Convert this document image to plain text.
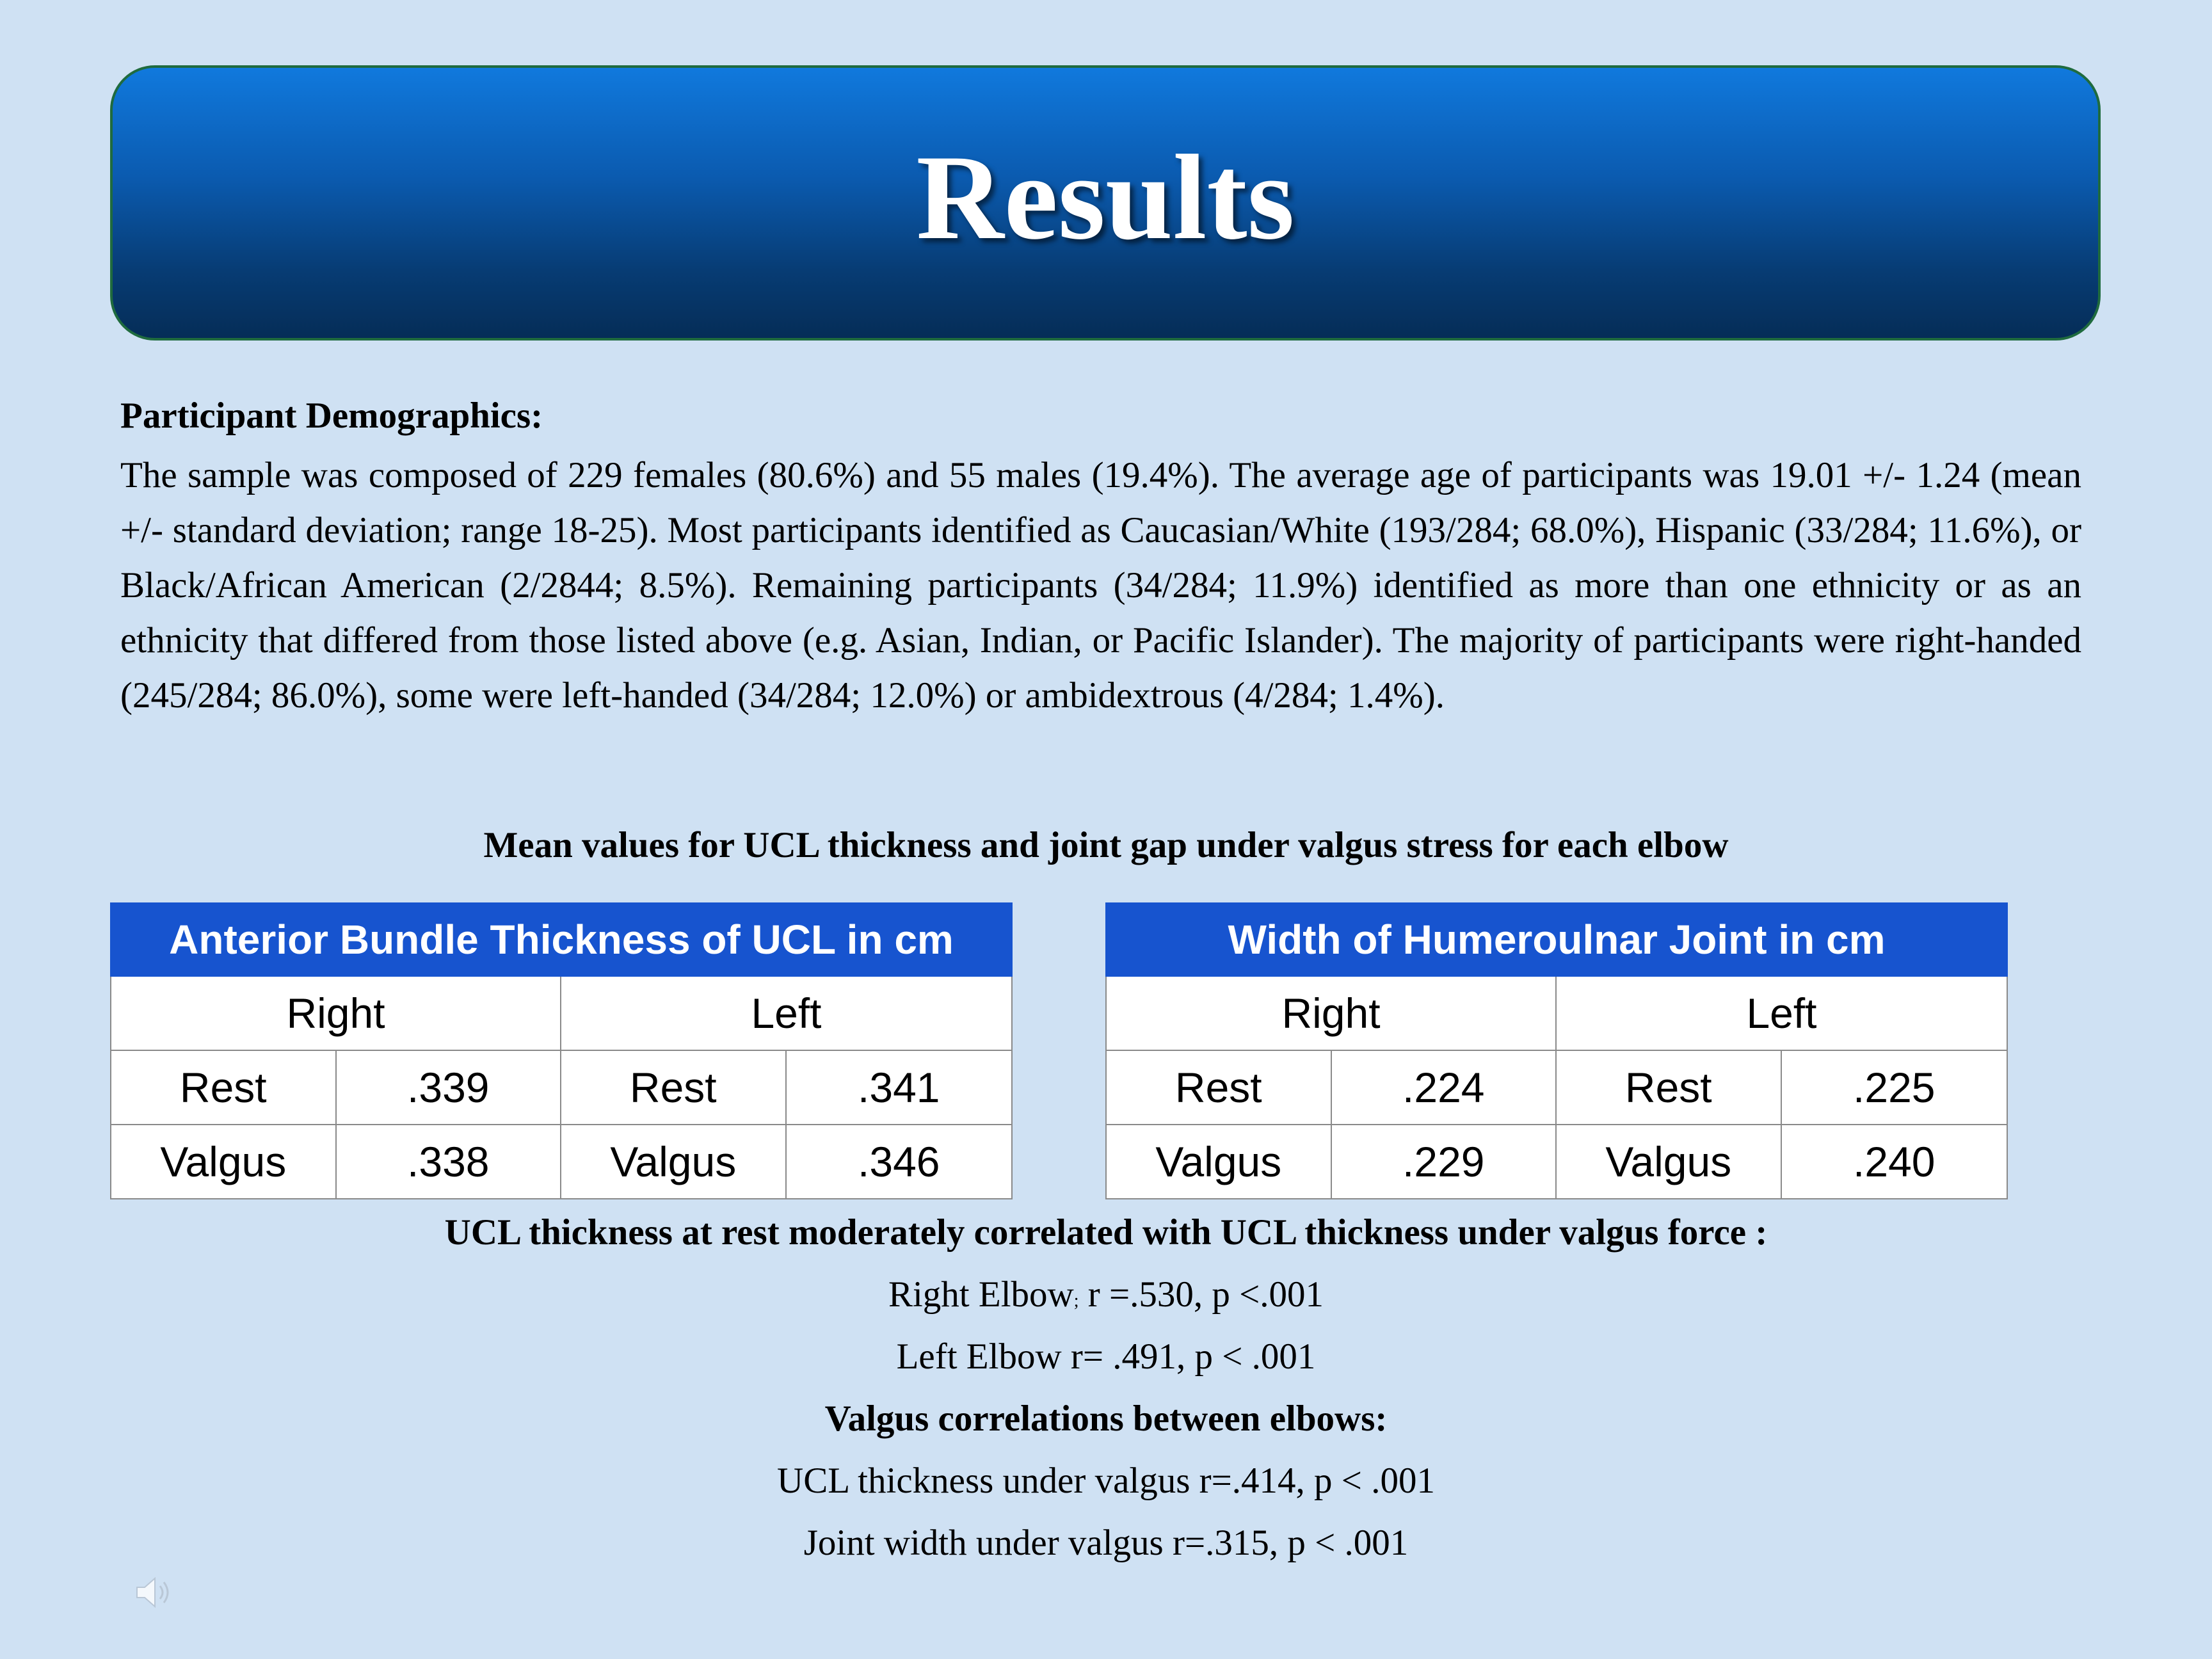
Results
Participant Demographics:

The sample was composed of 229 females (80.6%) and 55 males (19.4%). The average age of participants was 19.01 +/- 1.24 (mean +/- standard deviation; range 18-25). Most participants identified as Caucasian/White (193/284; 68.0%), Hispanic (33/284; 11.6%), or Black/African American (2/2844; 8.5%). Remaining participants (34/284; 11.9%) identified as more than one ethnicity or as an ethnicity that differed from those listed above (e.g. Asian, Indian, or Pacific Islander). The majority of participants were right-handed (245/284; 86.0%), some were left-handed (34/284; 12.0%) or ambidextrous (4/284; 1.4%).

Mean values for UCL thickness and joint gap under valgus stress for each elbow
Anterior Bundle Thickness of UCL in cm			
Right		Left	
Rest	.339	Rest	.341
Valgus	.338	Valgus	.346
Width of Humeroulnar Joint in cm			
Right		Left	
Rest	.224	Rest	.225
Valgus	.229	Valgus	.240
UCL thickness at rest moderately correlated with UCL thickness under valgus force :

Right Elbow; r =.530, p <.001

Left Elbow r= .491, p < .001

Valgus correlations between elbows:

UCL thickness under valgus r=.414, p < .001

Joint width under valgus r=.315, p < .001
